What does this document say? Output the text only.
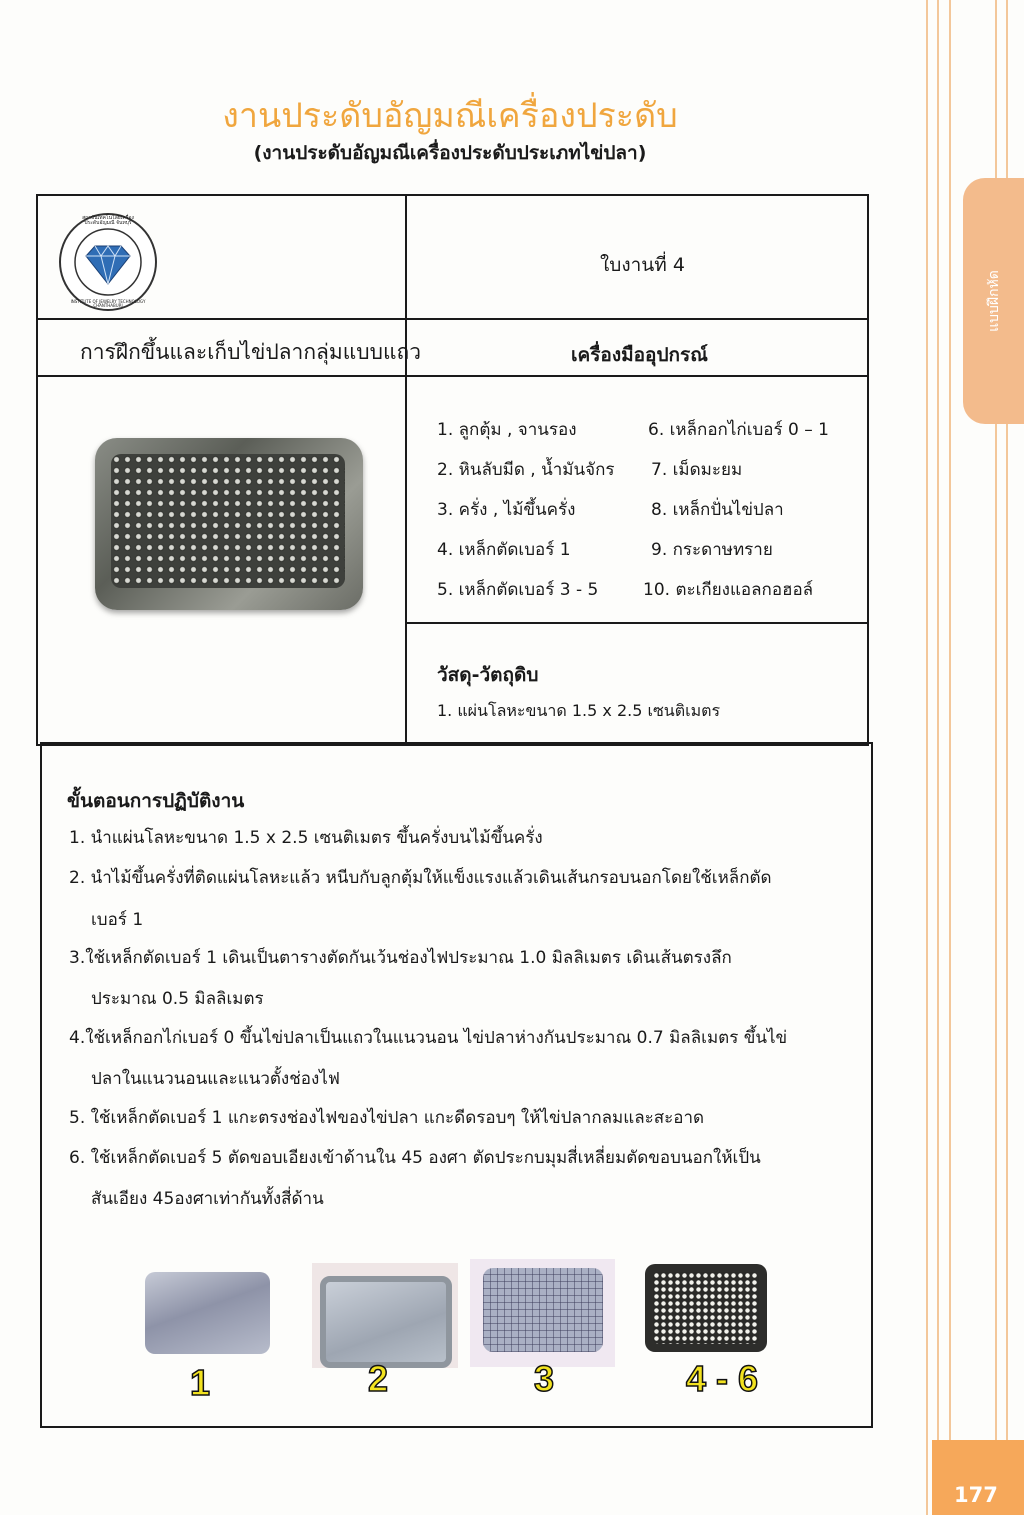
แบบฝึกหัด
177
งานประดับอัญมณีเครื่องประดับ
(งานประดับอัญมณีเครื่องประดับประเภทไข่ปลา)
สถาบันเทคโนโลยีเครื่องประดับอัญมณี จันทบุรี
INSTITUTE OF JEWELRY TECHNOLOGY CHANTHABURI
ใบงานที่ 4
การฝึกขึ้นและเก็บไข่ปลากลุ่มแบบแถว	เครื่องมืออุปกรณ์
1. ลูกตุ้ม , จานรอง
2. หินลับมีด , น้ำมันจักร
3. ครั่ง , ไม้ขึ้นครั่ง
4. เหล็กตัดเบอร์ 1
5. เหล็กตัดเบอร์ 3 - 5
6. เหล็กอกไก่เบอร์ 0 – 1
7. เม็ดมะยม
8. เหล็กปั่นไข่ปลา
9. กระดาษทราย
10. ตะเกียงแอลกอฮอล์
วัสดุ-วัตถุดิบ
1. แผ่นโลหะขนาด 1.5 x 2.5 เซนติเมตร
ขั้นตอนการปฏิบัติงาน

1. นำแผ่นโลหะขนาด 1.5 x 2.5 เซนติเมตร ขึ้นครั่งบนไม้ขึ้นครั่ง

2. นำไม้ขึ้นครั่งที่ติดแผ่นโลหะแล้ว หนีบกับลูกตุ้มให้แข็งแรงแล้วเดินเส้นกรอบนอกโดยใช้เหล็กตัด

เบอร์ 1

3.ใช้เหล็กตัดเบอร์ 1 เดินเป็นตารางตัดกันเว้นช่องไฟประมาณ 1.0 มิลลิเมตร เดินเส้นตรงลึก

ประมาณ 0.5 มิลลิเมตร

4.ใช้เหล็กอกไก่เบอร์ 0 ขึ้นไข่ปลาเป็นแถวในแนวนอน ไข่ปลาห่างกันประมาณ 0.7 มิลลิเมตร ขึ้นไข่

ปลาในแนวนอนและแนวตั้งช่องไฟ

5. ใช้เหล็กตัดเบอร์ 1 แกะตรงช่องไฟของไข่ปลา แกะดีดรอบๆ ให้ไข่ปลากลมและสะอาด

6. ใช้เหล็กตัดเบอร์ 5 ตัดขอบเอียงเข้าด้านใน 45 องศา ตัดประกบมุมสี่เหลี่ยมตัดขอบนอกให้เป็น

สันเอียง 45องศาเท่ากันทั้งสี่ด้าน

1	2	3	4 - 6
